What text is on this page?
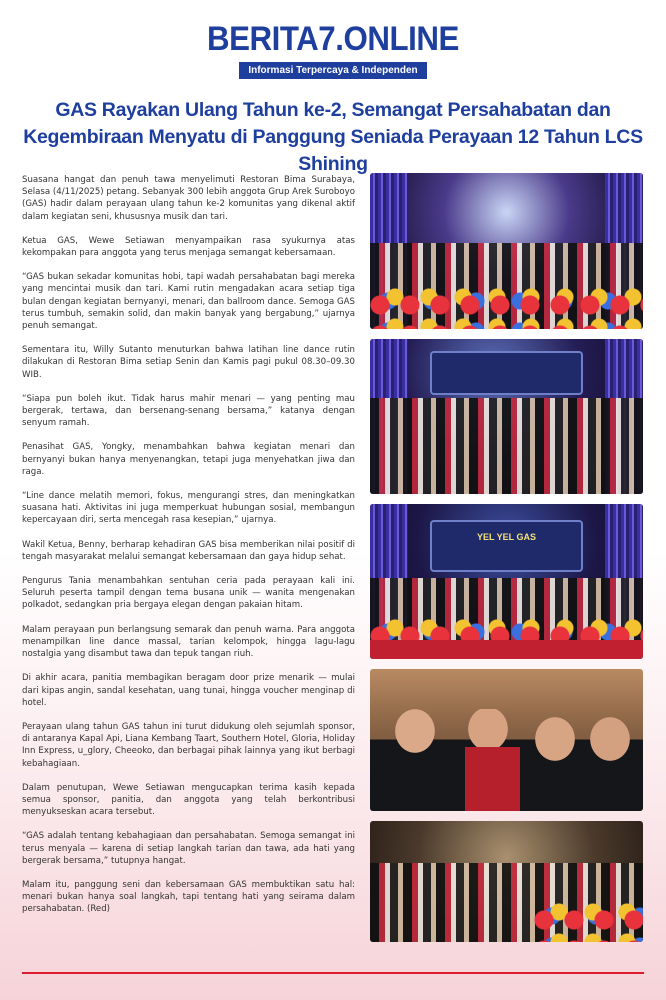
BERITA7.ONLINE
Informasi Terpercaya & Independen
GAS Rayakan Ulang Tahun ke-2, Semangat Persahabatan dan Kegembiraan Menyatu di Panggung Seniada Perayaan 12 Tahun LCS Shining

Suasana hangat dan penuh tawa menyelimuti Restoran Bima Surabaya, Selasa (4/11/2025) petang. Sebanyak 300 lebih anggota Grup Arek Suroboyo (GAS) hadir dalam perayaan ulang tahun ke-2 komunitas yang dikenal aktif dalam kegiatan seni, khususnya musik dan tari.

Ketua GAS, Wewe Setiawan menyampaikan rasa syukurnya atas kekompakan para anggota yang terus menjaga semangat kebersamaan.

“GAS bukan sekadar komunitas hobi, tapi wadah persahabatan bagi mereka yang mencintai musik dan tari. Kami rutin mengadakan acara setiap tiga bulan dengan kegiatan bernyanyi, menari, dan ballroom dance. Semoga GAS terus tumbuh, semakin solid, dan makin banyak yang bergabung,” ujarnya penuh semangat.

Sementara itu, Willy Sutanto menuturkan bahwa latihan line dance rutin dilakukan di Restoran Bima setiap Senin dan Kamis pagi pukul 08.30–09.30 WIB.

“Siapa pun boleh ikut. Tidak harus mahir menari — yang penting mau bergerak, tertawa, dan bersenang-senang bersama,” katanya dengan senyum ramah.

Penasihat GAS, Yongky, menambahkan bahwa kegiatan menari dan bernyanyi bukan hanya menyenangkan, tetapi juga menyehatkan jiwa dan raga.

“Line dance melatih memori, fokus, mengurangi stres, dan meningkatkan suasana hati. Aktivitas ini juga memperkuat hubungan sosial, membangun kepercayaan diri, serta mencegah rasa kesepian,” ujarnya.

Wakil Ketua, Benny, berharap kehadiran GAS bisa memberikan nilai positif di tengah masyarakat melalui semangat kebersamaan dan gaya hidup sehat.

Pengurus Tania menambahkan sentuhan ceria pada perayaan kali ini. Seluruh peserta tampil dengan tema busana unik — wanita mengenakan polkadot, sedangkan pria bergaya elegan dengan pakaian hitam.

Malam perayaan pun berlangsung semarak dan penuh warna. Para anggota menampilkan line dance massal, tarian kelompok, hingga lagu-lagu nostalgia yang disambut tawa dan tepuk tangan riuh.

Di akhir acara, panitia membagikan beragam door prize menarik — mulai dari kipas angin, sandal kesehatan, uang tunai, hingga voucher menginap di hotel.

Perayaan ulang tahun GAS tahun ini turut didukung oleh sejumlah sponsor, di antaranya Kapal Api, Liana Kembang Taart, Southern Hotel, Gloria, Holiday Inn Express, u_glory, Cheeoko, dan berbagai pihak lainnya yang ikut berbagi kebahagiaan.

Dalam penutupan, Wewe Setiawan mengucapkan terima kasih kepada semua sponsor, panitia, dan anggota yang telah berkontribusi menyukseskan acara tersebut.

“GAS adalah tentang kebahagiaan dan persahabatan. Semoga semangat ini terus menyala — karena di setiap langkah tarian dan tawa, ada hati yang bergerak bersama,” tutupnya hangat.

Malam itu, panggung seni dan kebersamaan GAS membuktikan satu hal: menari bukan hanya soal langkah, tapi tentang hati yang seirama dalam persahabatan. (Red)

YEL YEL GAS
